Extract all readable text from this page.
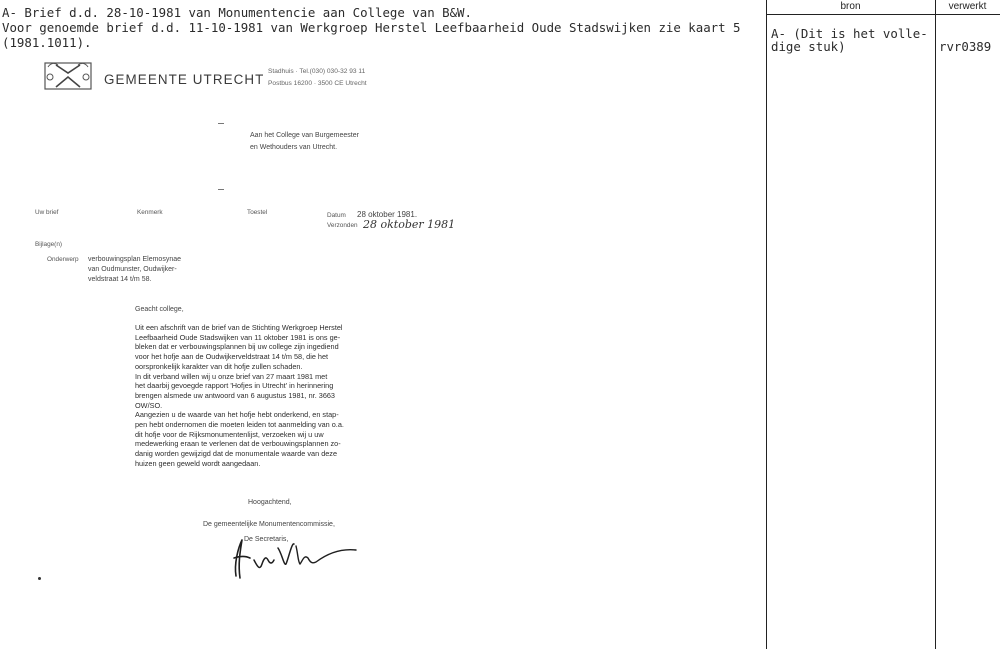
bron	verwerkt
A- (Dit is het volle-
dige stuk)	rvr0389
A- Brief d.d. 28-10-1981 van Monumentencie aan College van B&W.
Voor genoemde brief d.d. 11-10-1981 van Werkgroep Herstel Leefbaarheid Oude Stadswijken zie kaart 5
(1981.1011).
GEMEENTE UTRECHT
Stadhuis · Tel.(030) 030-32 93 11
Postbus 16200 · 3500 CE Utrecht
Aan het College van Burgemeester
en Wethouders van Utrecht.
Uw brief	Kenmerk	Toestel	Datum 28 oktober 1981.
Verzonden 28 oktober 1981
Bijlage(n)
Onderwerp verbouwingsplan Elemosynae
van Oudmunster, Oudwijker-
veldstraat 14 t/m 58.
Geacht college,
Uit een afschrift van de brief van de Stichting Werkgroep Herstel
Leefbaarheid Oude Stadswijken van 11 oktober 1981 is ons ge-
bleken dat er verbouwingsplannen bij uw college zijn ingediend
voor het hofje aan de Oudwijkerveldstraat 14 t/m 58, die het
oorspronkelijk karakter van dit hofje zullen schaden.
In dit verband willen wij u onze brief van 27 maart 1981 met
het daarbij gevoegde rapport 'Hofjes in Utrecht' in herinnering
brengen alsmede uw antwoord van 6 augustus 1981, nr. 3663
OW/SO.
Aangezien u de waarde van het hofje hebt onderkend, en stap-
pen hebt ondernomen die moeten leiden tot aanmelding van o.a.
dit hofje voor de Rijksmonumentenlijst, verzoeken wij u uw
medewerking eraan te verlenen dat de verbouwingsplannen zo-
danig worden gewijzigd dat de monumentale waarde van deze
huizen geen geweld wordt aangedaan.
Hoogachtend,
De gemeentelijke Monumentencommissie,
De Secretaris,
